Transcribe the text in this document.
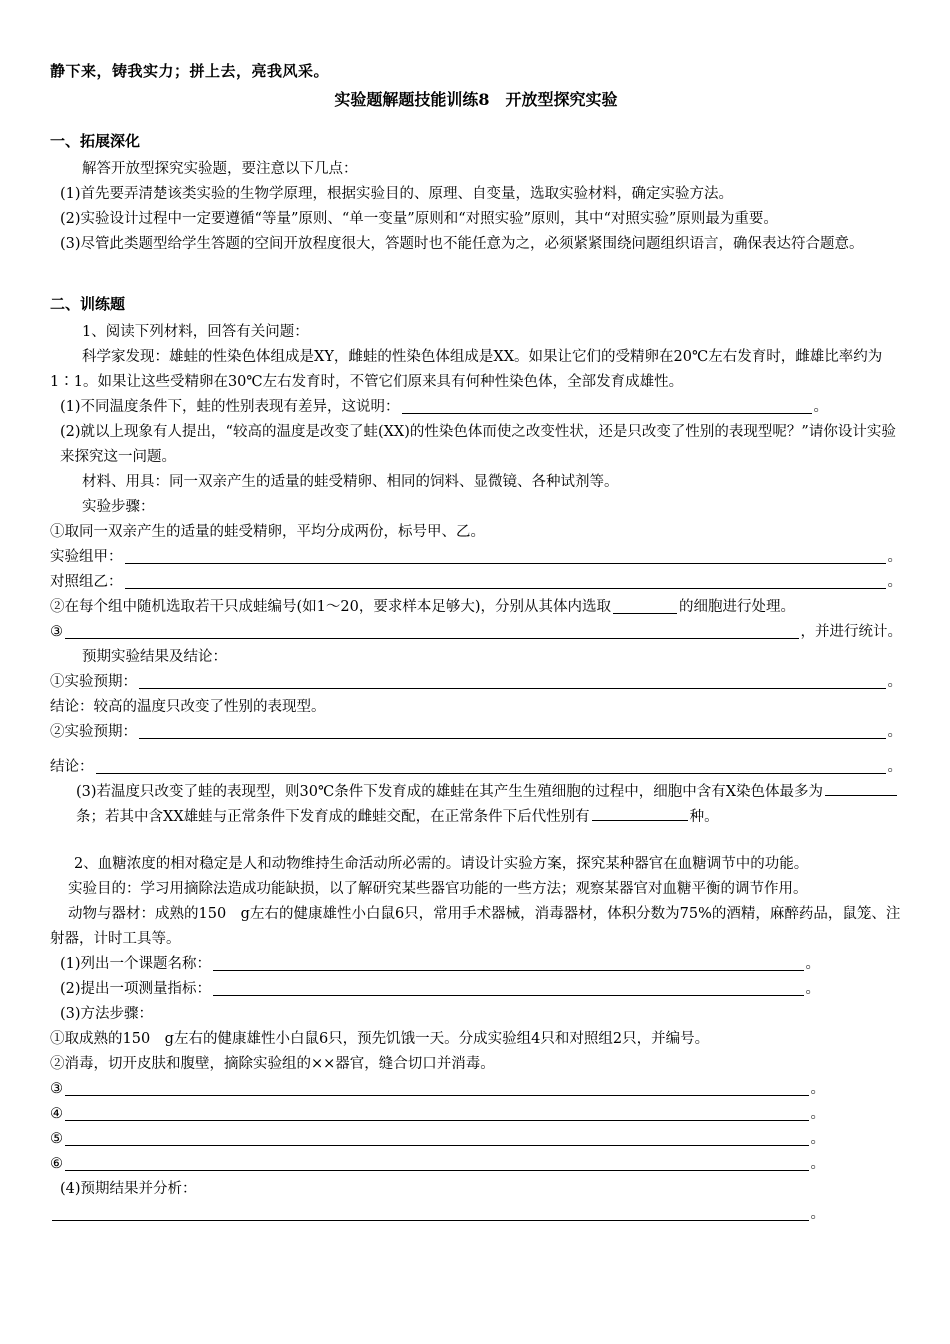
静下来，铸我实力；拼上去，亮我风采。

实验题解题技能训练8　开放型探究实验

一、拓展深化

解答开放型探究实验题，要注意以下几点：

(1)首先要弄清楚该类实验的生物学原理，根据实验目的、原理、自变量，选取实验材料，确定实验方法。

(2)实验设计过程中一定要遵循“等量”原则、“单一变量”原则和“对照实验”原则，其中“对照实验”原则最为重要。

(3)尽管此类题型给学生答题的空间开放程度很大，答题时也不能任意为之，必须紧紧围绕问题组织语言，确保表达符合题意。

二、训练题

1、阅读下列材料，回答有关问题：

科学家发现：雄蛙的性染色体组成是XY，雌蛙的性染色体组成是XX。如果让它们的受精卵在20℃左右发育时，雌雄比率约为1∶1。如果让这些受精卵在30℃左右发育时，不管它们原来具有何种性染色体，全部发育成雄性。

(1)不同温度条件下，蛙的性别表现有差异，这说明：	。

(2)就以上现象有人提出，“较高的温度是改变了蛙(XX)的性染色体而使之改变性状，还是只改变了性别的表现型呢？”请你设计实验来探究这一问题。

材料、用具：同一双亲产生的适量的蛙受精卵、相同的饲料、显微镜、各种试剂等。

实验步骤：

①取同一双亲产生的适量的蛙受精卵，平均分成两份，标号甲、乙。

实验组甲：	。
对照组乙：	。
②在每个组中随机选取若干只成蛙编号(如1～20，要求样本足够大)，分别从其体内选取	的细胞进行处理。
③	，并进行统计。

预期实验结果及结论：

①实验预期：	。

结论：较高的温度只改变了性别的表现型。

②实验预期：	。
结论：	。

(3)若温度只改变了蛙的表现型，则30℃条件下发育成的雄蛙在其产生生殖细胞的过程中，细胞中含有X染色体最多为条；若其中含XX雄蛙与正常条件下发育成的雌蛙交配，在正常条件下后代性别有	种。

2、血糖浓度的相对稳定是人和动物维持生命活动所必需的。请设计实验方案，探究某种器官在血糖调节中的功能。

实验目的：学习用摘除法造成功能缺损，以了解研究某些器官功能的一些方法；观察某器官对血糖平衡的调节作用。

动物与器材：成熟的150　g左右的健康雄性小白鼠6只，常用手术器械，消毒器材，体积分数为75%的酒精，麻醉药品，鼠笼、注射器，计时工具等。

(1)列出一个课题名称：	。
(2)提出一项测量指标：	。

(3)方法步骤：

①取成熟的150　g左右的健康雄性小白鼠6只，预先饥饿一天。分成实验组4只和对照组2只，并编号。

②消毒，切开皮肤和腹壁，摘除实验组的××器官，缝合切口并消毒。

③	。
④	。
⑤	。
⑥	。

(4)预期结果并分析：

。
